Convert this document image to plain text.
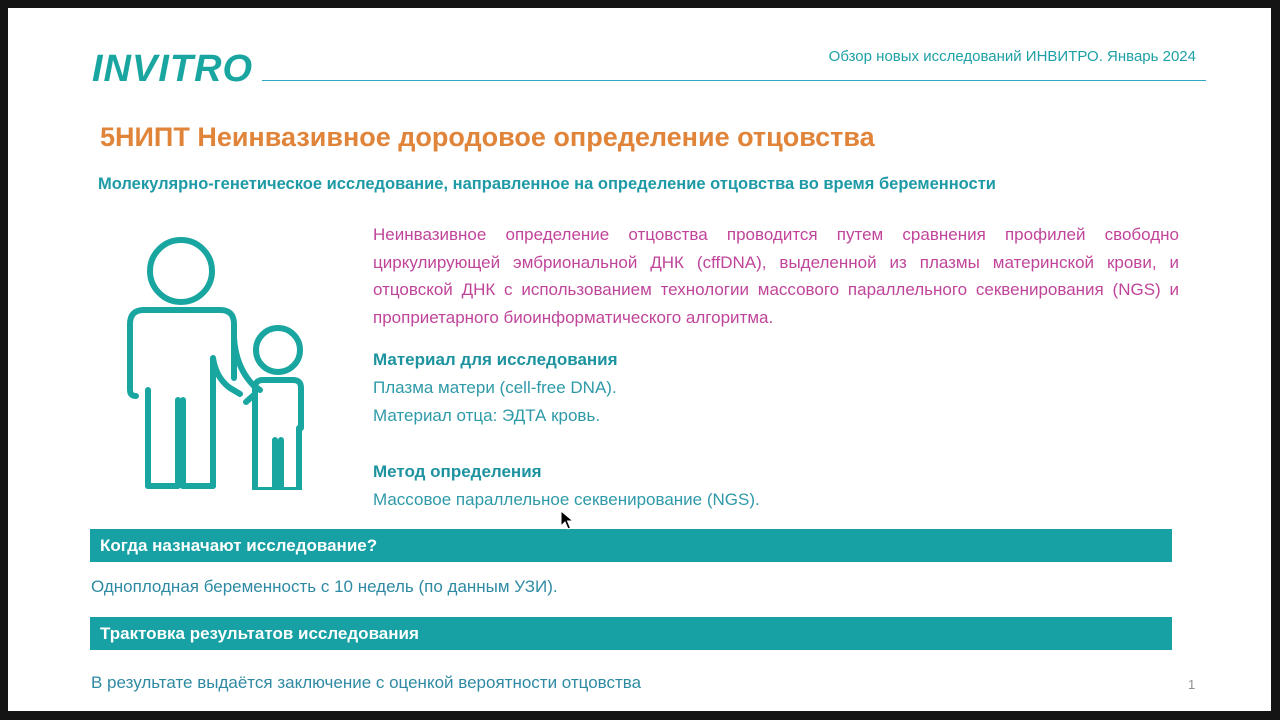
INVITRO	Обзор новых исследований ИНВИТРО. Январь 2024
5НИПТ Неинвазивное дородовое определение отцовства
Молекулярно-генетическое исследование, направленное на определение отцовства во время беременности
Неинвазивное определение отцовства проводится путем сравнения профилей свободно циркулирующей эмбриональной ДНК (cffDNA), выделенной из плазмы материнской крови, и отцовской ДНК с использованием технологии массового параллельного секвенирования (NGS) и проприетарного биоинформатического алгоритма.
Материал для исследования
Плазма матери (cell-free DNA).
Материал отца: ЭДТА кровь.
Метод определения
Массовое параллельное секвенирование (NGS).
Когда назначают исследование?
Одноплодная беременность с 10 недель (по данным УЗИ).
Трактовка результатов исследования
В результате выдаётся заключение с оценкой вероятности отцовства	1
